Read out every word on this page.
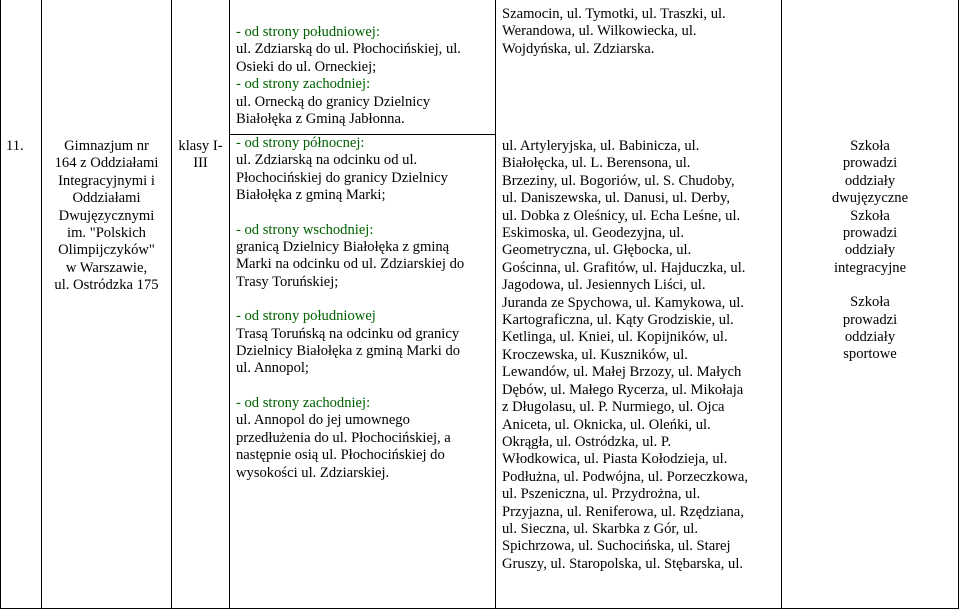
11.	Gimnazjum nr
164 z Oddziałami
Integracyjnymi i
Oddziałami
Dwujęzycznymi
im. "Polskich
Olimpijczyków"
w Warszawie,
ul. Ostródzka 175
klasy I-
III
- od strony południowej:
ul. Zdziarską do ul. Płochocińskiej, ul.
Osieki do ul. Orneckiej;
- od strony zachodniej:
ul. Ornecką do granicy Dzielnicy
Białołęka z Gminą Jabłonna.
- od strony północnej:
ul. Zdziarską na odcinku od ul.
Płochocińskiej do granicy Dzielnicy
Białołęka z gminą Marki;
- od strony wschodniej:
granicą Dzielnicy Białołęka z gminą
Marki na odcinku od ul. Zdziarskiej do
Trasy Toruńskiej;
- od strony południowej
Trasą Toruńską na odcinku od granicy
Dzielnicy Białołęka z gminą Marki do
ul. Annopol;
- od strony zachodniej:
ul. Annopol do jej umownego
przedłużenia do ul. Płochocińskiej, a
następnie osią ul. Płochocińskiej do
wysokości ul. Zdziarskiej.
Szamocin, ul. Tymotki, ul. Traszki, ul.
Werandowa, ul. Wilkowiecka, ul.
Wojdyńska, ul. Zdziarska.
ul. Artyleryjska, ul. Babinicza, ul.
Białołęcka, ul. L. Berensona, ul.
Brzeziny, ul. Bogoriów, ul. S. Chudoby,
ul. Daniszewska, ul. Danusi, ul. Derby,
ul. Dobka z Oleśnicy, ul. Echa Leśne, ul.
Eskimoska, ul. Geodezyjna, ul.
Geometryczna, ul. Głębocka, ul.
Gościnna, ul. Grafitów, ul. Hajduczka, ul.
Jagodowa, ul. Jesiennych Liści, ul.
Juranda ze Spychowa, ul. Kamykowa, ul.
Kartograficzna, ul. Kąty Grodziskie, ul.
Ketlinga, ul. Kniei, ul. Kopijników, ul.
Kroczewska, ul. Kuszników, ul.
Lewandów, ul. Małej Brzozy, ul. Małych
Dębów, ul. Małego Rycerza, ul. Mikołaja
z Długolasu, ul. P. Nurmiego, ul. Ojca
Aniceta, ul. Oknicka, ul. Oleńki, ul.
Okrągła, ul. Ostródzka, ul. P.
Włodkowica, ul. Piasta Kołodzieja, ul.
Podłużna, ul. Podwójna, ul. Porzeczkowa,
ul. Pszeniczna, ul. Przydrożna, ul.
Przyjazna, ul. Reniferowa, ul. Rzędziana,
ul. Sieczna, ul. Skarbka z Gór, ul.
Spichrzowa, ul. Suchocińska, ul. Starej
Gruszy, ul. Staropolska, ul. Stębarska, ul.
Szkoła
prowadzi
oddziały
dwujęzyczne
Szkoła
prowadzi
oddziały
integracyjne
Szkoła
prowadzi
oddziały
sportowe
